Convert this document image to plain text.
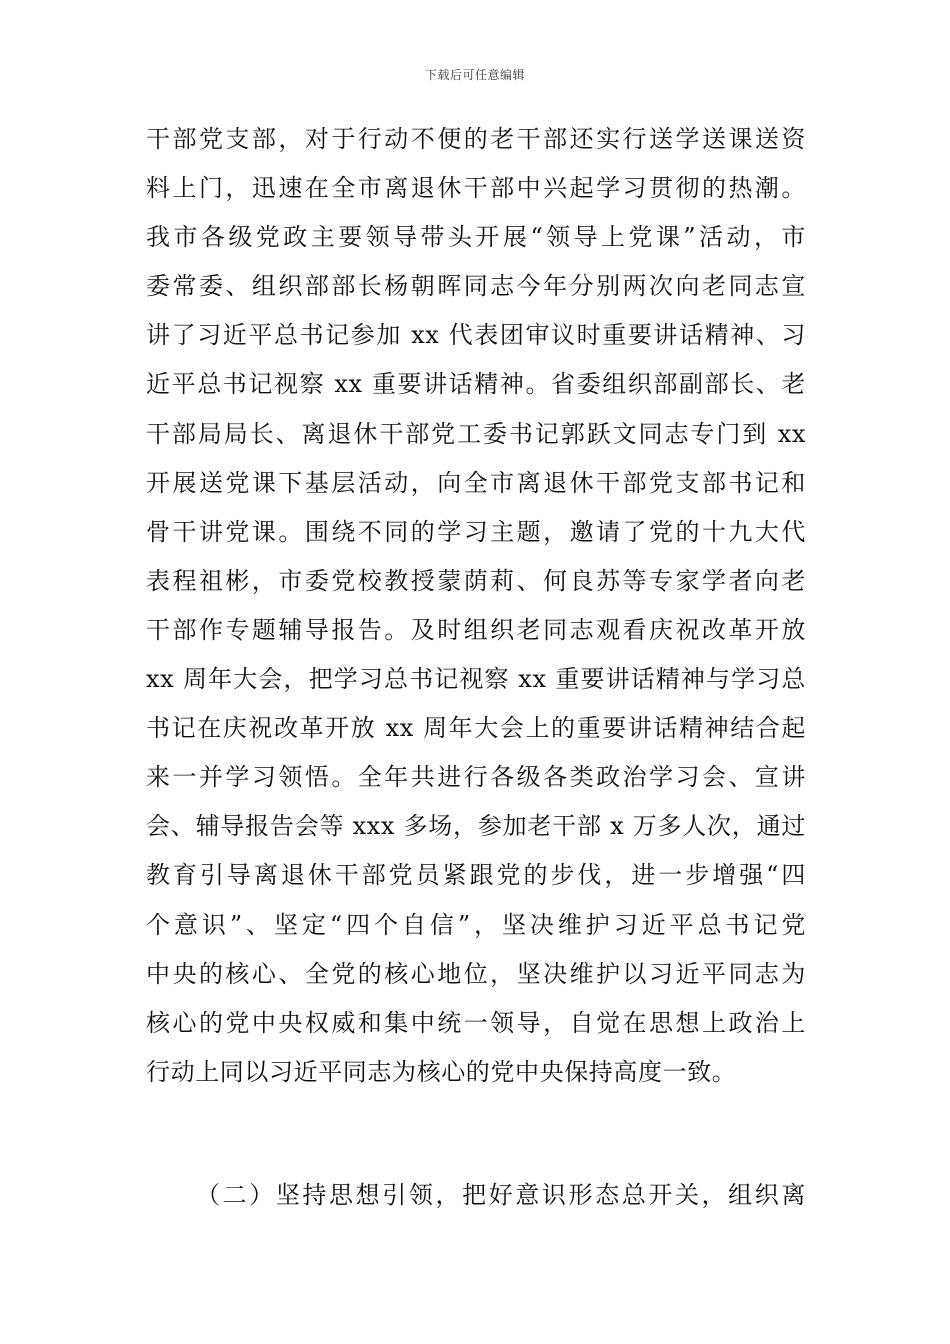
下载后可任意编辑
干部党支部，对于行动不便的老干部还实行送学送课送资
料上门，迅速在全市离退休干部中兴起学习贯彻的热潮。
我市各级党政主要领导带头开展“领导上党课”活动，市
委常委、组织部部长杨朝晖同志今年分别两次向老同志宣
讲了习近平总书记参加 xx 代表团审议时重要讲话精神、习
近平总书记视察 xx 重要讲话精神。省委组织部副部长、老
干部局局长、离退休干部党工委书记郭跃文同志专门到 xx
开展送党课下基层活动，向全市离退休干部党支部书记和
骨干讲党课。围绕不同的学习主题，邀请了党的十九大代
表程祖彬，市委党校教授蒙荫莉、何良苏等专家学者向老
干部作专题辅导报告。及时组织老同志观看庆祝改革开放
xx 周年大会，把学习总书记视察 xx 重要讲话精神与学习总
书记在庆祝改革开放 xx 周年大会上的重要讲话精神结合起
来一并学习领悟。全年共进行各级各类政治学习会、宣讲
会、辅导报告会等 xxx 多场，参加老干部 x 万多人次，通过
教育引导离退休干部党员紧跟党的步伐，进一步增强“四
个意识”、坚定“四个自信”，坚决维护习近平总书记党
中央的核心、全党的核心地位，坚决维护以习近平同志为
核心的党中央权威和集中统一领导，自觉在思想上政治上
行动上同以习近平同志为核心的党中央保持高度一致。
（二）坚持思想引领，把好意识形态总开关，组织离
